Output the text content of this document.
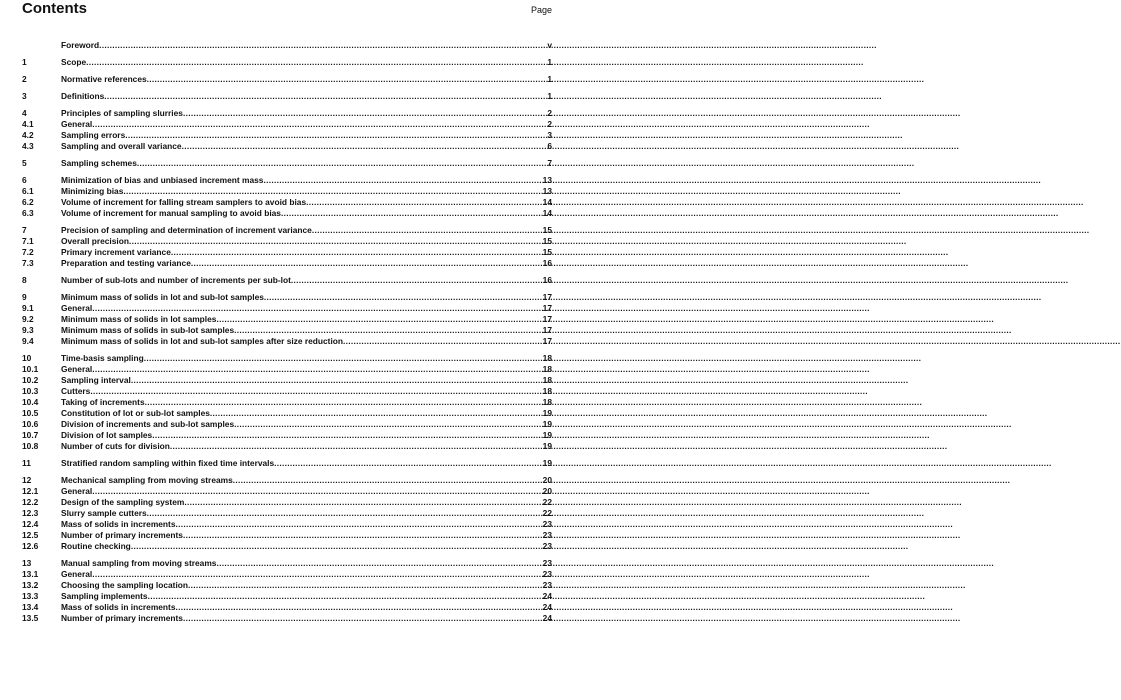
Contents	Page
Foreword .....	v
1	Scope .....	1
2	Normative references .....	1
3	Definitions .....	1
4	Principles of sampling slurries .....	2
4.1	General .....	2
4.2	Sampling errors .....	3
4.3	Sampling and overall variance .....	6
5	Sampling schemes .....	7
6	Minimization of bias and unbiased increment mass .....	13
6.1	Minimizing bias .....	13
6.2	Volume of increment for falling stream samplers to avoid bias .....	14
6.3	Volume of increment for manual sampling to avoid bias .....	14
7	Precision of sampling and determination of increment variance .....	15
7.1	Overall precision .....	15
7.2	Primary increment variance .....	15
7.3	Preparation and testing variance .....	16
8	Number of sub-lots and number of increments per sub-lot .....	16
9	Minimum mass of solids in lot and sub-lot samples .....	17
9.1	General .....	17
9.2	Minimum mass of solids in lot samples .....	17
9.3	Minimum mass of solids in sub-lot samples .....	17
9.4	Minimum mass of solids in lot and sub-lot samples after size reduction .....	17
10	Time-basis sampling .....	18
10.1	General .....	18
10.2	Sampling interval .....	18
10.3	Cutters .....	18
10.4	Taking of increments .....	18
10.5	Constitution of lot or sub-lot samples .....	19
10.6	Division of increments and sub-lot samples .....	19
10.7	Division of lot samples .....	19
10.8	Number of cuts for division .....	19
11	Stratified random sampling within fixed time intervals .....	19
12	Mechanical sampling from moving streams .....	20
12.1	General .....	20
12.2	Design of the sampling system .....	22
12.3	Slurry sample cutters .....	22
12.4	Mass of solids in increments .....	23
12.5	Number of primary increments .....	23
12.6	Routine checking .....	23
13	Manual sampling from moving streams .....	23
13.1	General .....	23
13.2	Choosing the sampling location .....	23
13.3	Sampling implements .....	24
13.4	Mass of solids in increments .....	24
13.5	Number of primary increments .....	24
